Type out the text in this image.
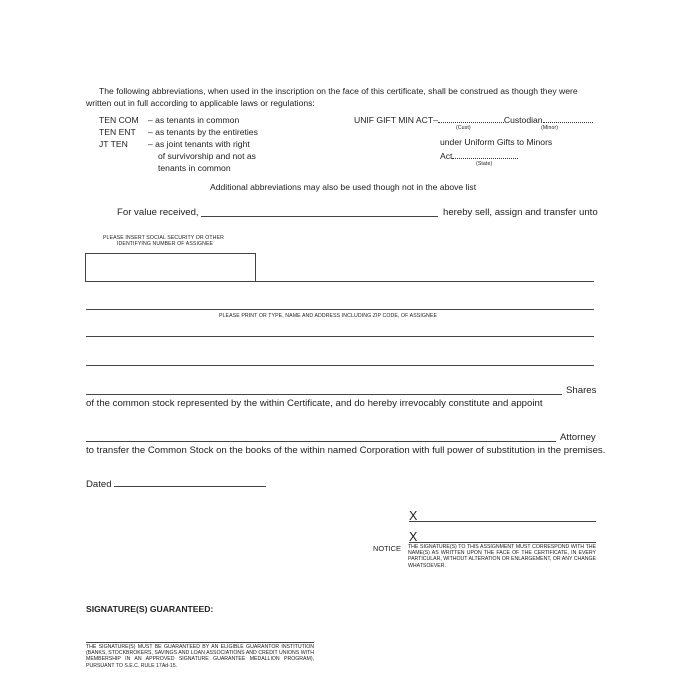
The following abbreviations, when used in the inscription on the face of this certificate, shall be construed as though they were written out in full according to applicable laws or regulations:
TEN COM – as tenants in common
TEN ENT – as tenants by the entireties
JT TEN – as joint tenants with right
of survivorship and not as
tenants in common
UNIF GIFT MIN ACT–	Custodian
(Cust)	(Minor)
under Uniform Gifts to Minors
Act
(State)
Additional abbreviations may also be used though not in the above list
For value received,	hereby sell, assign and transfer unto
PLEASE INSERT SOCIAL SECURITY OR OTHER
IDENTIFYING NUMBER OF ASSIGNEE
PLEASE PRINT OR TYPE, NAME AND ADDRESS INCLUDING ZIP CODE, OF ASSIGNEE
Shares
of the common stock represented by the within Certificate, and do hereby irrevocably constitute and appoint
Attorney
to transfer the Common Stock on the books of the within named Corporation with full power of substitution in the premises.
Dated
X
X
NOTICE THE SIGNATURE(S) TO THIS ASSIGNMENT MUST CORRESPOND WITH THE NAME(S) AS WRITTEN UPON THE FACE OF THE CERTIFICATE, IN EVERY PARTICULAR, WITHOUT ALTERATION OR ENLARGEMENT, OR ANY CHANGE WHATSOEVER.
SIGNATURE(S) GUARANTEED:
THE SIGNATURE(S) MUST BE GUARANTEED BY AN ELIGIBLE GUARANTOR INSTITUTION (BANKS, STOCKBROKERS, SAVINGS AND LOAN ASSOCIATIONS AND CREDIT UNIONS WITH MEMBERSHIP IN AN APPROVED SIGNATURE GUARANTEE MEDALLION PROGRAM), PURSUANT TO S.E.C. RULE 17Ad-15.
